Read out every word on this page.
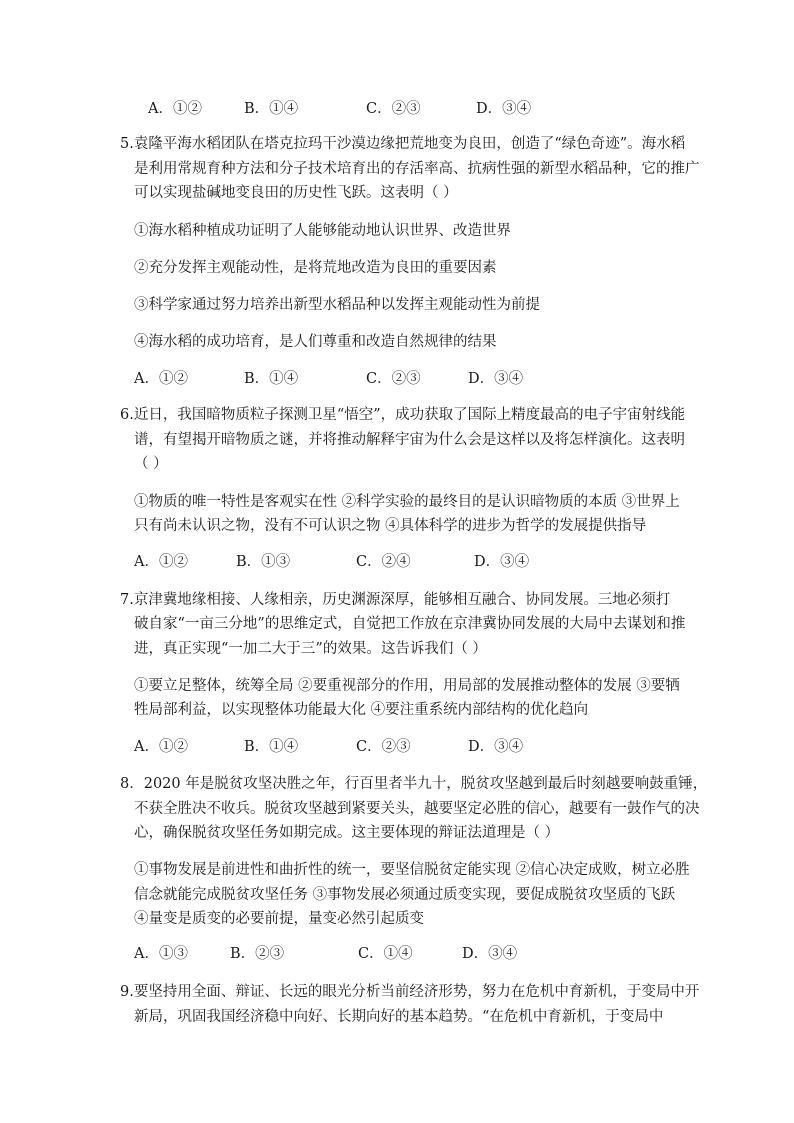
A．①②	B．①④	C．②③	D．③④
5.袁隆平海水稻团队在塔克拉玛干沙漠边缘把荒地变为良田，创造了“绿色奇迹”。海水稻
是利用常规育种方法和分子技术培育出的存活率高、抗病性强的新型水稻品种，它的推广
可以实现盐碱地变良田的历史性飞跃。这表明（ ）
①海水稻种植成功证明了人能够能动地认识世界、改造世界
②充分发挥主观能动性，是将荒地改造为良田的重要因素
③科学家通过努力培养出新型水稻品种以发挥主观能动性为前提
④海水稻的成功培育，是人们尊重和改造自然规律的结果
A．①②	B．①④	C．②③	D．③④
6.近日，我国暗物质粒子探测卫星“悟空”，成功获取了国际上精度最高的电子宇宙射线能
谱，有望揭开暗物质之谜，并将推动解释宇宙为什么会是这样以及将怎样演化。这表明
（ ）
①物质的唯一特性是客观实在性 ②科学实验的最终目的是认识暗物质的本质 ③世界上
只有尚未认识之物，没有不可认识之物 ④具体科学的进步为哲学的发展提供指导
A．①②	B．①③	C．②④	D．③④
7.京津冀地缘相接、人缘相亲，历史渊源深厚，能够相互融合、协同发展。三地必须打
破自家“一亩三分地”的思维定式，自觉把工作放在京津冀协同发展的大局中去谋划和推
进，真正实现“一加二大于三”的效果。这告诉我们（ ）
①要立足整体，统筹全局 ②要重视部分的作用，用局部的发展推动整体的发展 ③要牺
牲局部利益，以实现整体功能最大化 ④要注重系统内部结构的优化趋向
A．①②	B．①④	C．②③	D．③④
8．2020 年是脱贫攻坚决胜之年，行百里者半九十，脱贫攻坚越到最后时刻越要响鼓重锤，
不获全胜决不收兵。脱贫攻坚越到紧要关头，越要坚定必胜的信心，越要有一鼓作气的决
心，确保脱贫攻坚任务如期完成。这主要体现的辩证法道理是（ ）
①事物发展是前进性和曲折性的统一，要坚信脱贫定能实现 ②信心决定成败，树立必胜
信念就能完成脱贫攻坚任务 ③事物发展必须通过质变实现，要促成脱贫攻坚质的飞跃
④量变是质变的必要前提，量变必然引起质变
A．①③	B．②③	C．①④	D．③④
9.要坚持用全面、辩证、长远的眼光分析当前经济形势，努力在危机中育新机，于变局中开
新局，巩固我国经济稳中向好、长期向好的基本趋势。“在危机中育新机，于变局中
